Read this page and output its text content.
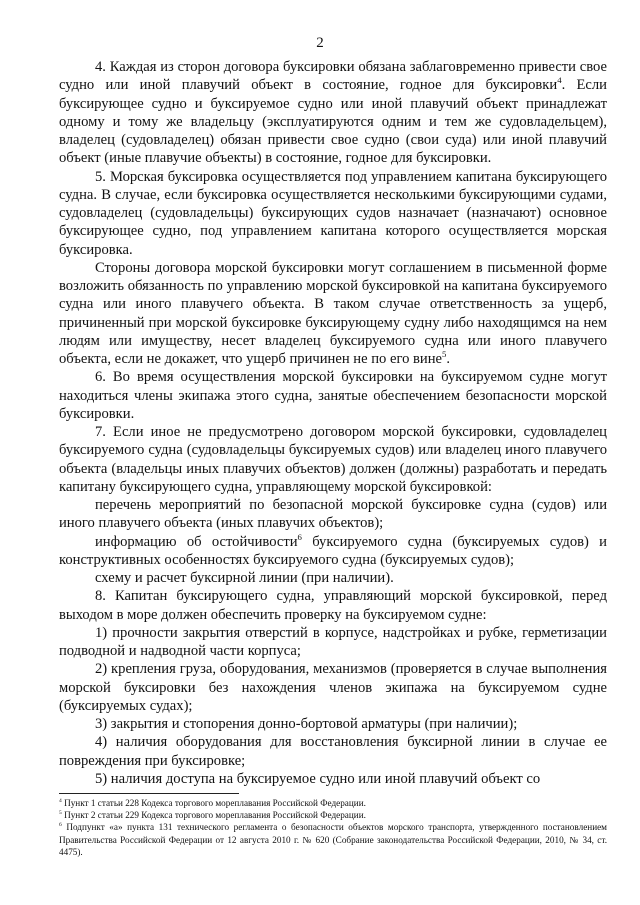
2

4. Каждая из сторон договора буксировки обязана заблаговременно привести свое судно или иной плавучий объект в состояние, годное для буксировки$^4$. Если буксирующее судно и буксируемое судно или иной плавучий объект принадлежат одному и тому же владельцу (эксплуатируются одним и тем же судовладельцем), владелец (судовладелец) обязан привести свое судно (свои суда) или иной плавучий объект (иные плавучие объекты) в состояние, годное для буксировки.

5. Морская буксировка осуществляется под управлением капитана буксирующего судна. В случае, если буксировка осуществляется несколькими буксирующими судами, судовладелец (судовладельцы) буксирующих судов назначает (назначают) основное буксирующее судно, под управлением капитана которого осуществляется морская буксировка.

Стороны договора морской буксировки могут соглашением в письменной форме возложить обязанность по управлению морской буксировкой на капитана буксируемого судна или иного плавучего объекта. В таком случае ответственность за ущерб, причиненный при морской буксировке буксирующему судну либо находящимся на нем людям или имуществу, несет владелец буксируемого судна или иного плавучего объекта, если не докажет, что ущерб причинен не по его вине$^5$.

6. Во время осуществления морской буксировки на буксируемом судне могут находиться члены экипажа этого судна, занятые обеспечением безопасности морской буксировки.

7. Если иное не предусмотрено договором морской буксировки, судовладелец буксируемого судна (судовладельцы буксируемых судов) или владелец иного плавучего объекта (владельцы иных плавучих объектов) должен (должны) разработать и передать капитану буксирующего судна, управляющему морской буксировкой:

перечень мероприятий по безопасной морской буксировке судна (судов) или иного плавучего объекта (иных плавучих объектов);

информацию об остойчивости$^6$ буксируемого судна (буксируемых судов) и конструктивных особенностях буксируемого судна (буксируемых судов);

схему и расчет буксирной линии (при наличии).

8. Капитан буксирующего судна, управляющий морской буксировкой, перед выходом в море должен обеспечить проверку на буксируемом судне:

1) прочности закрытия отверстий в корпусе, надстройках и рубке, герметизации подводной и надводной части корпуса;

2) крепления груза, оборудования, механизмов (проверяется в случае выполнения морской буксировки без нахождения членов экипажа на буксируемом судне (буксируемых судах);

3) закрытия и стопорения донно-бортовой арматуры (при наличии);

4) наличия оборудования для восстановления буксирной линии в случае ее повреждения при буксировке;

5) наличия доступа на буксируемое судно или иной плавучий объект со

$^4$ Пункт 1 статьи 228 Кодекса торгового мореплавания Российской Федерации.

$^5$ Пункт 2 статьи 229 Кодекса торгового мореплавания Российской Федерации.

$^6$ Подпункт «а» пункта 131 технического регламента о безопасности объектов морского транспорта, утвержденного постановлением Правительства Российской Федерации от 12 августа 2010 г. № 620 (Собрание законодательства Российской Федерации, 2010, № 34, ст. 4475).
